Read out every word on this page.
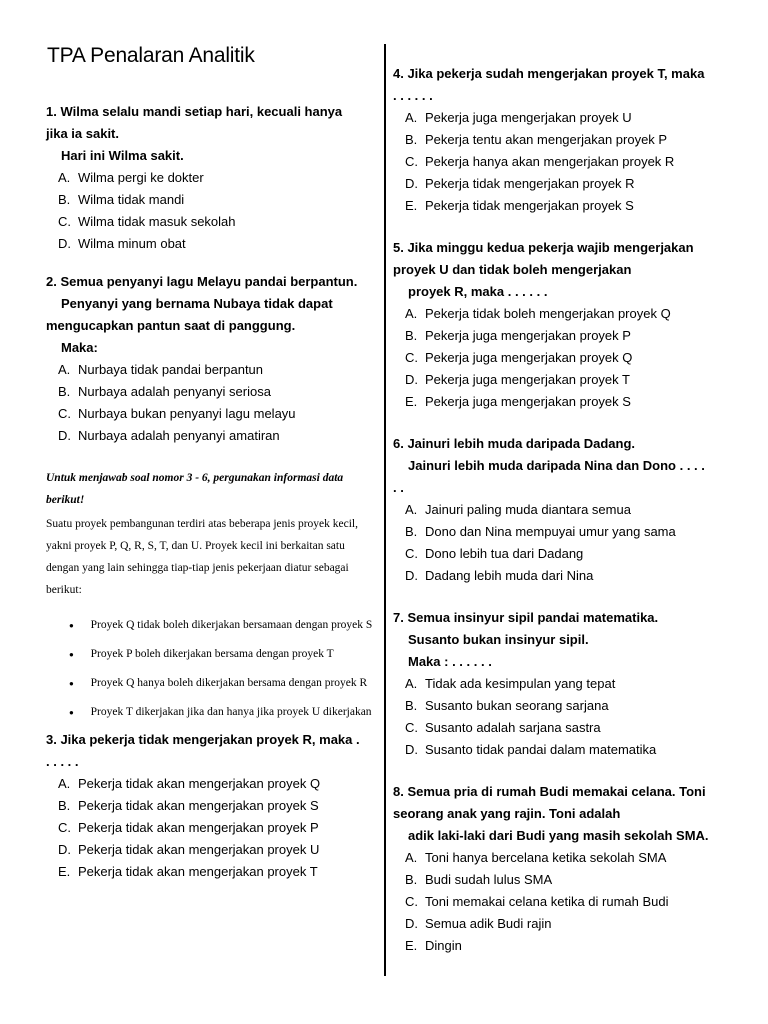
TPA Penalaran Analitik
1. Wilma selalu mandi setiap hari, kecuali hanya
jika ia sakit.
Hari ini Wilma sakit.
A. Wilma pergi ke dokter
B. Wilma tidak mandi
C. Wilma tidak masuk sekolah
D. Wilma minum obat
2. Semua penyanyi lagu Melayu pandai berpantun.
Penyanyi yang bernama Nubaya tidak dapat
mengucapkan pantun saat di panggung.
Maka:
A. Nurbaya tidak pandai berpantun
B. Nurbaya adalah penyanyi seriosa
C. Nurbaya bukan penyanyi lagu melayu
D. Nurbaya adalah penyanyi amatiran
Untuk menjawab soal nomor 3 - 6, pergunakan informasi data berikut!
Suatu proyek pembangunan terdiri atas beberapa jenis proyek kecil, yakni proyek P, Q, R, S, T, dan U. Proyek kecil ini berkaitan satu dengan yang lain sehingga tiap-tiap jenis pekerjaan diatur sebagai berikut:
●	Proyek Q tidak boleh dikerjakan bersamaan dengan proyek S
●	Proyek P boleh dikerjakan bersama dengan proyek T
●	Proyek Q hanya boleh dikerjakan bersama dengan proyek R
●	Proyek T dikerjakan jika dan hanya jika proyek U dikerjakan
3. Jika pekerja tidak mengerjakan proyek R, maka .
. . . . .
A. Pekerja tidak akan mengerjakan proyek Q
B. Pekerja tidak akan mengerjakan proyek S
C. Pekerja tidak akan mengerjakan proyek P
D. Pekerja tidak akan mengerjakan proyek U
E. Pekerja tidak akan mengerjakan proyek T
4. Jika pekerja sudah mengerjakan proyek T, maka
. . . . . .
A. Pekerja juga mengerjakan proyek U
B. Pekerja tentu akan mengerjakan proyek P
C. Pekerja hanya akan mengerjakan proyek R
D. Pekerja tidak mengerjakan proyek R
E. Pekerja tidak mengerjakan proyek S
5. Jika minggu kedua pekerja wajib mengerjakan
proyek U dan tidak boleh mengerjakan
proyek R, maka . . . . . .
A. Pekerja tidak boleh mengerjakan proyek Q
B. Pekerja juga mengerjakan proyek P
C. Pekerja juga mengerjakan proyek Q
D. Pekerja juga mengerjakan proyek T
E. Pekerja juga mengerjakan proyek S
6. Jainuri lebih muda daripada Dadang.
Jainuri lebih muda daripada Nina dan Dono . . . .
. .
A. Jainuri paling muda diantara semua
B. Dono dan Nina mempuyai umur yang sama
C. Dono lebih tua dari Dadang
D. Dadang lebih muda dari Nina
7. Semua insinyur sipil pandai matematika.
Susanto bukan insinyur sipil.
Maka : . . . . . .
A. Tidak ada kesimpulan yang tepat
B. Susanto bukan seorang sarjana
C. Susanto adalah sarjana sastra
D. Susanto tidak pandai dalam matematika
8. Semua pria di rumah Budi memakai celana. Toni
seorang anak yang rajin. Toni adalah
adik laki-laki dari Budi yang masih sekolah SMA.
A. Toni hanya bercelana ketika sekolah SMA
B. Budi sudah lulus SMA
C. Toni memakai celana ketika di rumah Budi
D. Semua adik Budi rajin
E. Dingin
